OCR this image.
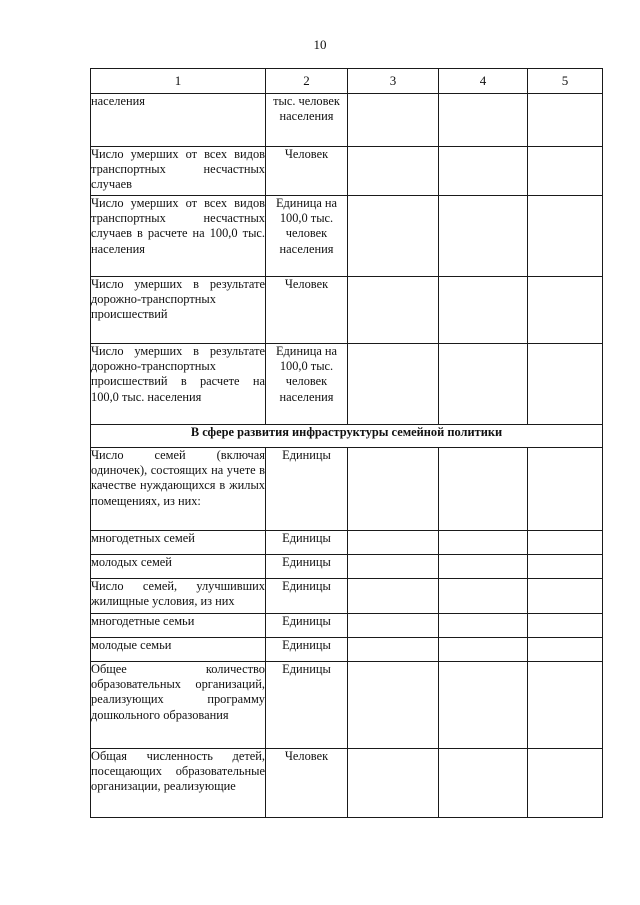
10
1	2	3	4	5
населения	тыс. человек населения			
Число умерших от всех видов транспортных несчастных случаев	Человек			
Число умерших от всех видов транспортных несчастных случаев в расчете на 100,0 тыс. населения	Единица на 100,0 тыс. человек населения			
Число умерших в результате дорожно-транспортных происшествий	Человек			
Число умерших в результате дорожно-транспортных происшествий в расчете на 100,0 тыс. населения	Единица на 100,0 тыс. человек населения			
В сфере развития инфраструктуры семейной политики				
Число семей (включая одиночек), состоящих на учете в качестве нуждающихся в жилых помещениях, из них:	Единицы			
многодетных семей	Единицы			
молодых семей	Единицы			
Число семей, улучшивших жилищные условия, из них	Единицы			
многодетные семьи	Единицы			
молодые семьи	Единицы			
Общее количество образовательных организаций, реализующих программу дошкольного образования	Единицы			
Общая численность детей, посещающих образовательные организации, реализующие	Человек			
